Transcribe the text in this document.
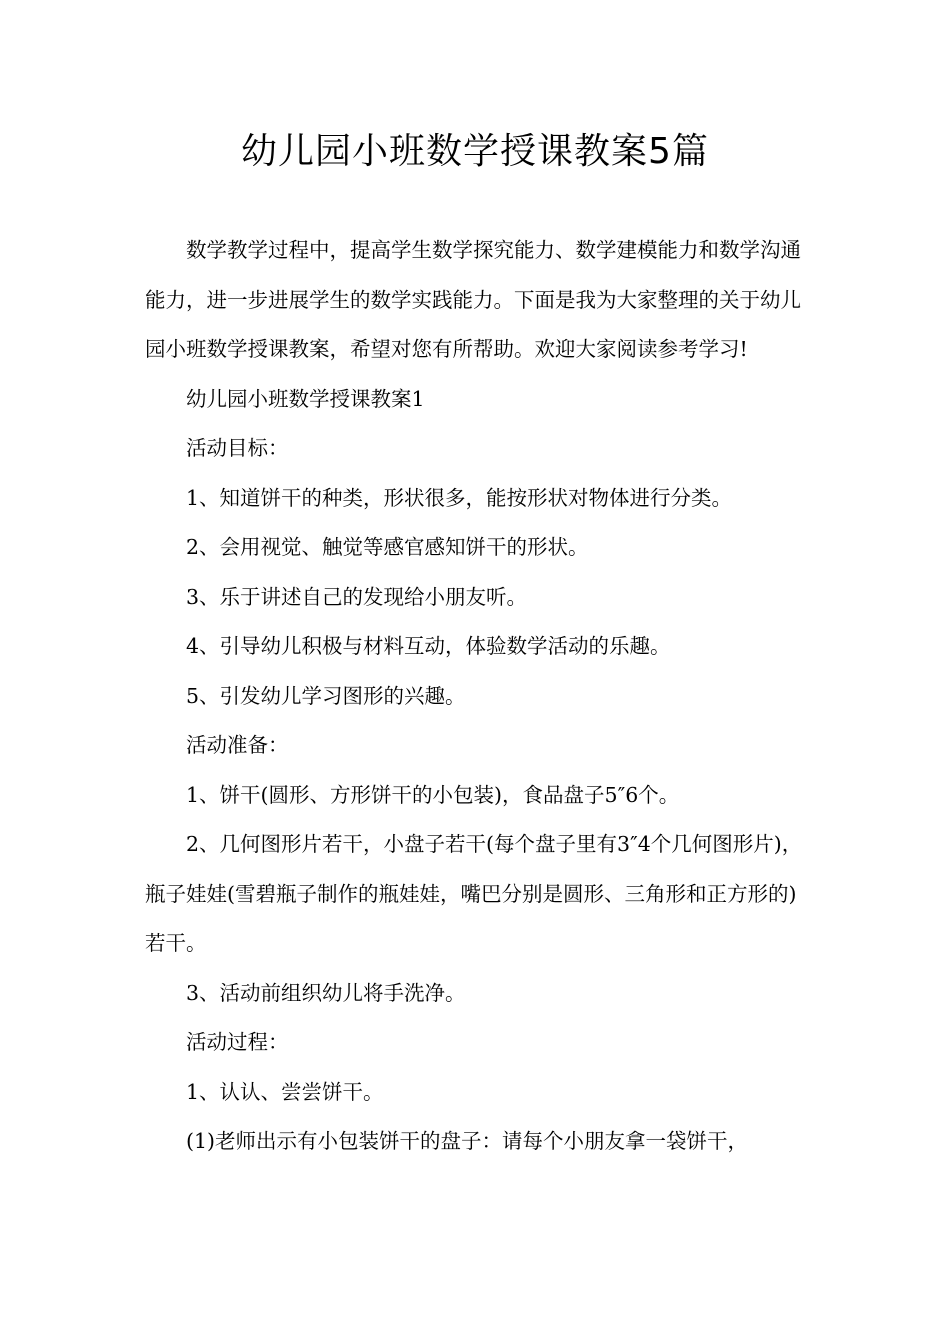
幼儿园小班数学授课教案5篇

数学教学过程中，提高学生数学探究能力、数学建模能力和数学沟通能力，进一步进展学生的数学实践能力。下面是我为大家整理的关于幼儿园小班数学授课教案，希望对您有所帮助。欢迎大家阅读参考学习!

幼儿园小班数学授课教案1

活动目标：

1、知道饼干的种类，形状很多，能按形状对物体进行分类。

2、会用视觉、触觉等感官感知饼干的形状。

3、乐于讲述自己的发现给小朋友听。

4、引导幼儿积极与材料互动，体验数学活动的乐趣。

5、引发幼儿学习图形的兴趣。

活动准备：

1、饼干(圆形、方形饼干的小包装)，食品盘子5″6个。

2、几何图形片若干，小盘子若干(每个盘子里有3″4个几何图形片)，瓶子娃娃(雪碧瓶子制作的瓶娃娃，嘴巴分别是圆形、三角形和正方形的)若干。

3、活动前组织幼儿将手洗净。

活动过程：

1、认认、尝尝饼干。

(1)老师出示有小包装饼干的盘子：请每个小朋友拿一袋饼干，
